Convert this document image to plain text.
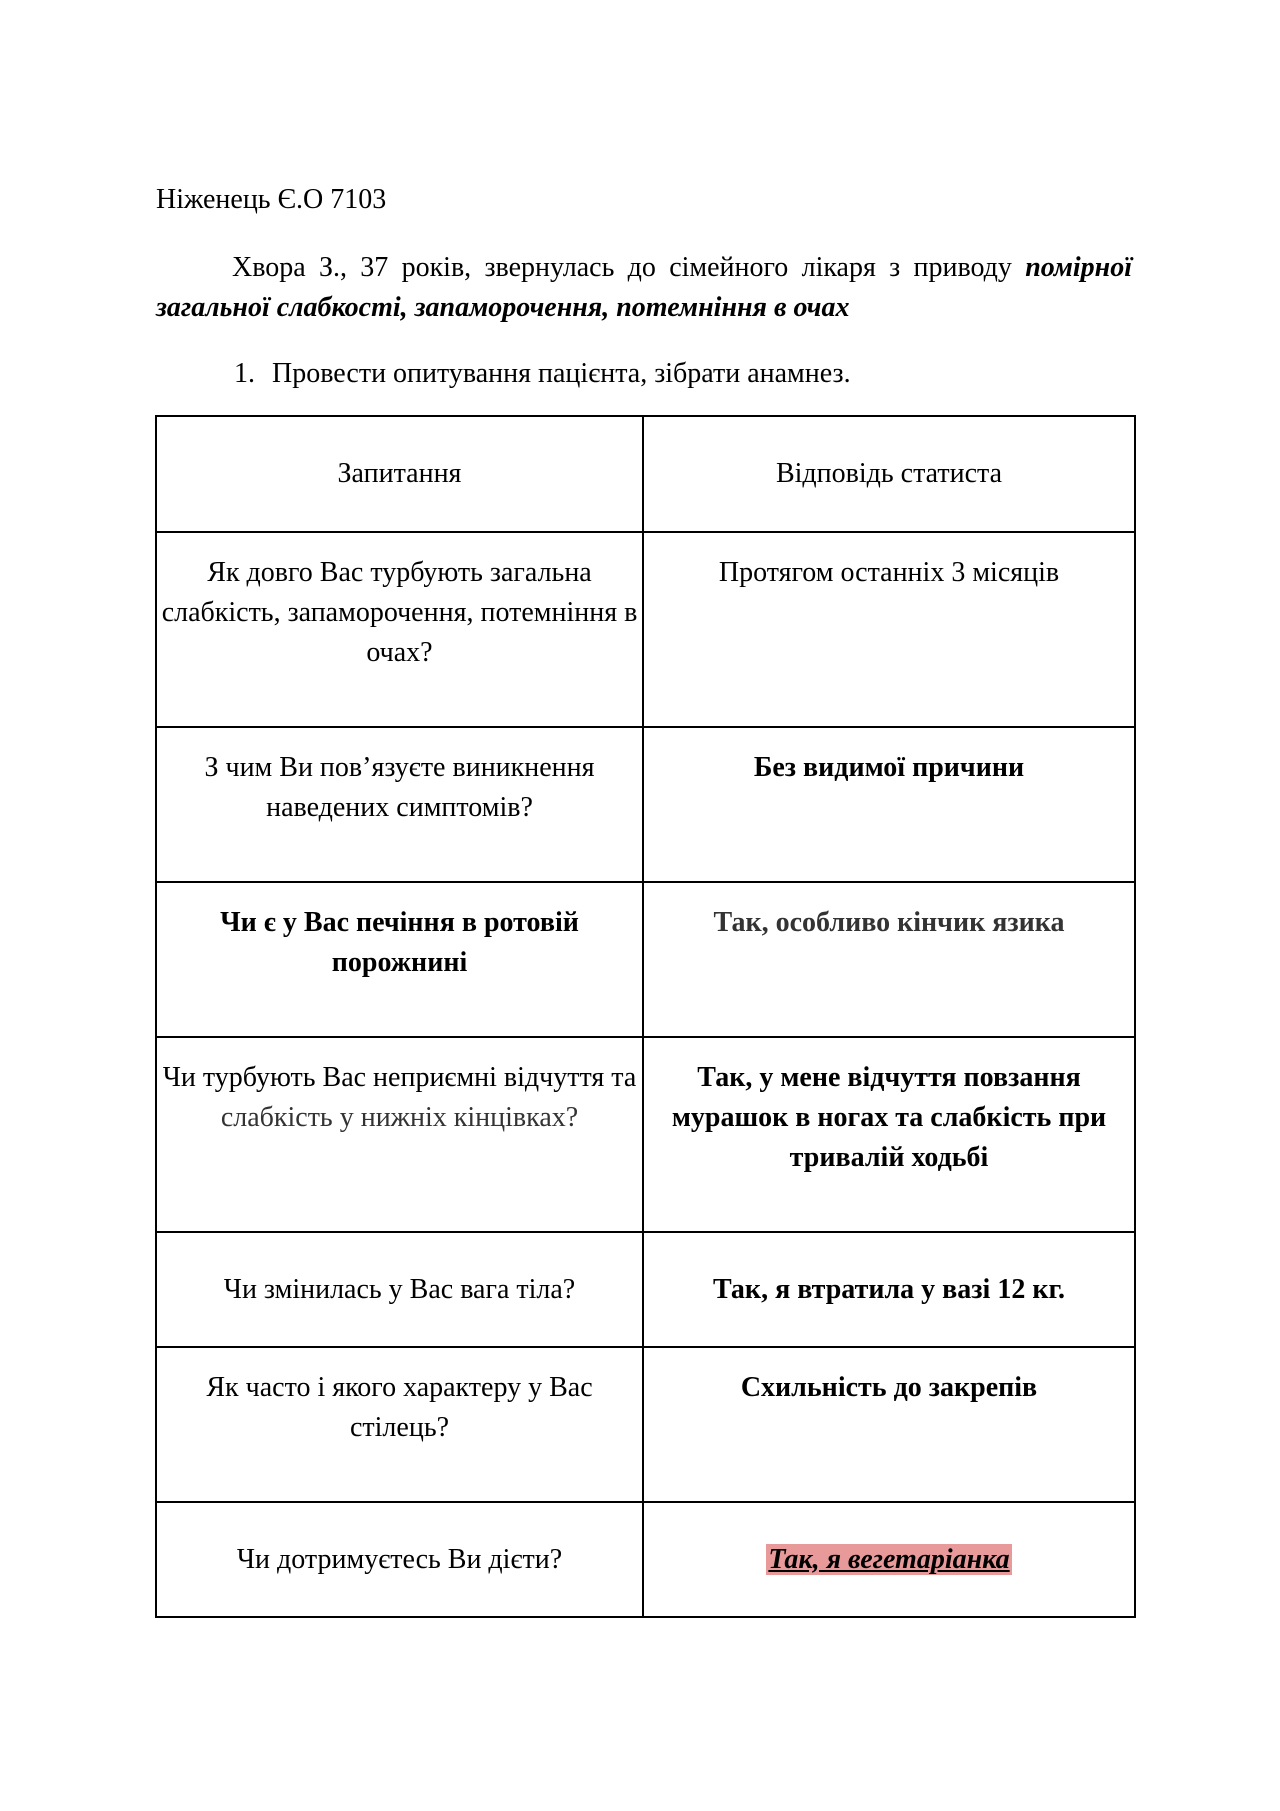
Ніженець Є.О 7103
Хвора З., 37 років, звернулась до сімейного лікаря з приводу помірної загальної слабкості, запаморочення, потемніння в очах
1. Провести опитування пацієнта, зібрати анамнез.
Запитання	Відповідь статиста
Як довго Вас турбують загальна слабкість, запаморочення, потемніння в очах?	Протягом останніх 3 місяців
З чим Ви пов’язуєте виникнення наведених симптомів?	Без видимої причини
Чи є у Вас печіння в ротовій порожнині	Так, особливо кінчик язика
Чи турбують Вас неприємні відчуття та слабкість у нижніх кінцівках?	Так, у мене відчуття повзання мурашок в ногах та слабкість при тривалій ходьбі
Чи змінилась у Вас вага тіла?	Так, я втратила у вазі 12 кг.
Як часто і якого характеру у Вас стілець?	Схильність до закрепів
Чи дотримуєтесь Ви дієти?	Так, я вегетаріанка
